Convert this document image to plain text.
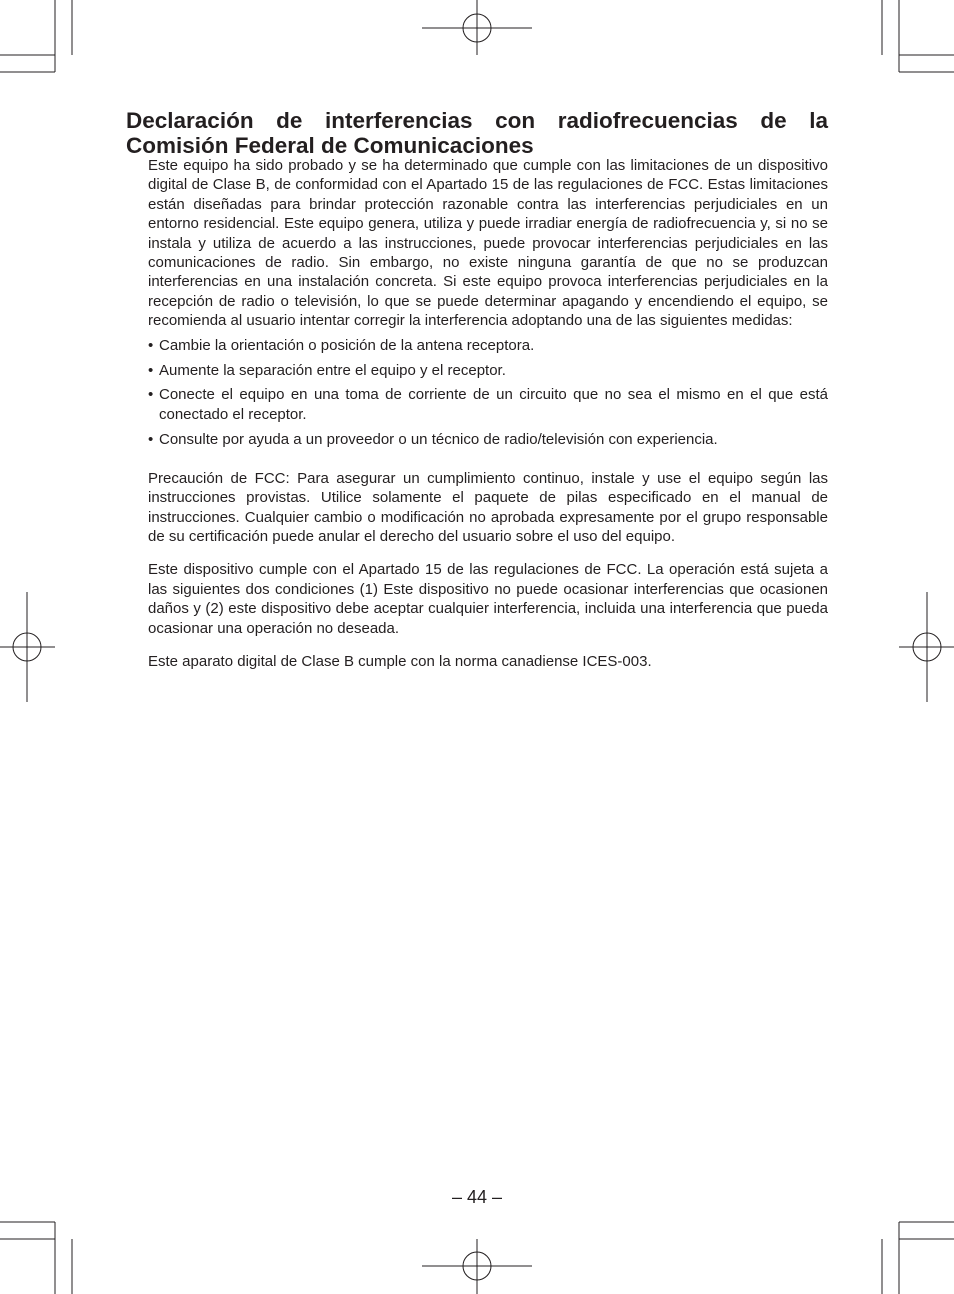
Declaración de interferencias con radiofrecuencias de la
Comisión Federal de Comunicaciones

Este equipo ha sido probado y se ha determinado que cumple con las limitaciones de un dispositivo digital de Clase B, de conformidad con el Apartado 15 de las regulaciones de FCC. Estas limitaciones están diseñadas para brindar protección razonable contra las interferencias perjudiciales en un entorno residencial. Este equipo genera, utiliza y puede irradiar energía de radiofrecuencia y, si no se instala y utiliza de acuerdo a las instrucciones, puede provocar interferencias perjudiciales en las comunicaciones de radio. Sin embargo, no existe ninguna garantía de que no se produzcan interferencias en una instalación concreta. Si este equipo provoca interferencias perjudiciales en la recepción de radio o televisión, lo que se puede determinar apagando y encendiendo el equipo, se recomienda al usuario intentar corregir la interferencia adoptando una de las siguientes medidas:

• Cambie la orientación o posición de la antena receptora.
• Aumente la separación entre el equipo y el receptor.
• Conecte el equipo en una toma de corriente de un circuito que no sea el mismo en el que está conectado el receptor.
• Consulte por ayuda a un proveedor o un técnico de radio/televisión con experiencia.

Precaución de FCC: Para asegurar un cumplimiento continuo, instale y use el equipo según las instrucciones provistas. Utilice solamente el paquete de pilas especificado en el manual de instrucciones. Cualquier cambio o modificación no aprobada expresamente por el grupo responsable de su certificación puede anular el derecho del usuario sobre el uso del equipo.

Este dispositivo cumple con el Apartado 15 de las regulaciones de FCC. La operación está sujeta a las siguientes dos condiciones (1) Este dispositivo no puede ocasionar interferencias que ocasionen daños y (2) este dispositivo debe aceptar cualquier interferencia, incluida una interferencia que pueda ocasionar una operación no deseada.

Este aparato digital de Clase B cumple con la norma canadiense ICES-003.

– 44 –
